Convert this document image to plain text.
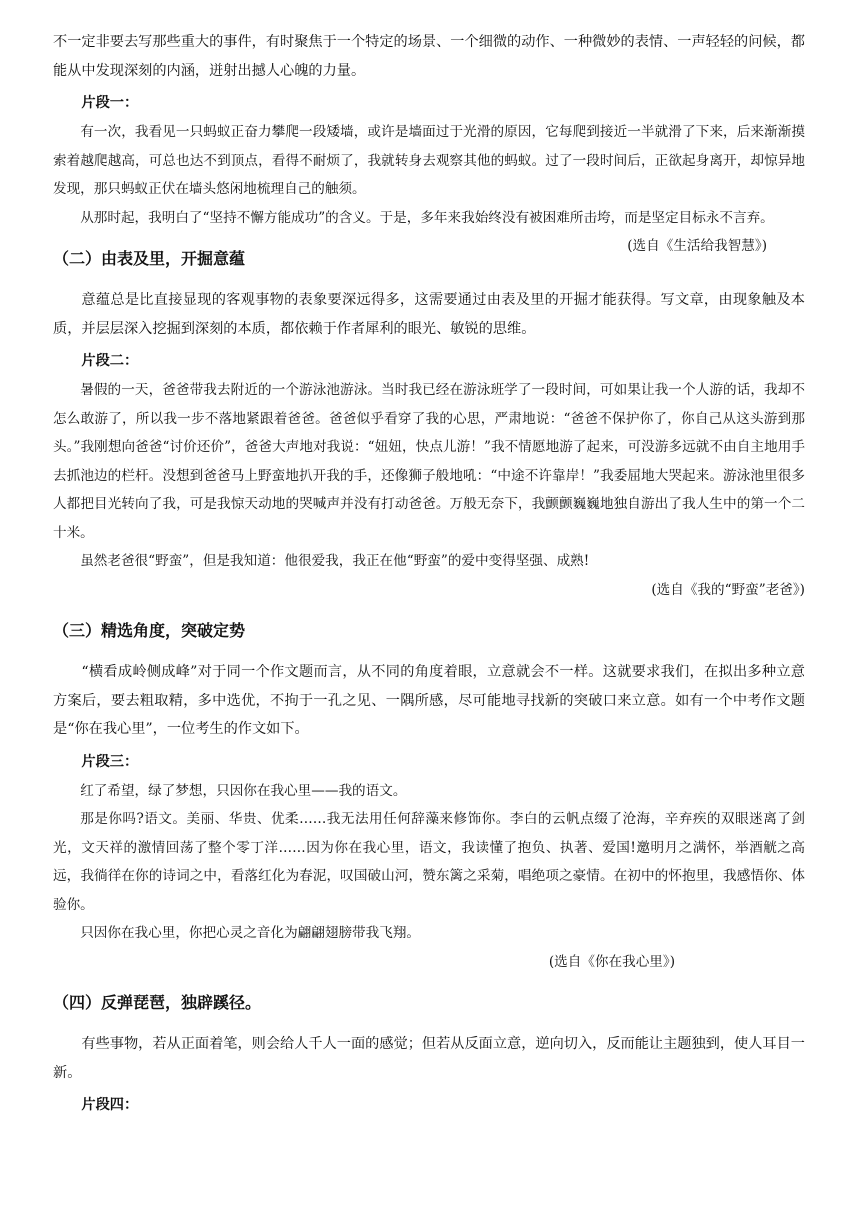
不一定非要去写那些重大的事件，有时聚焦于一个特定的场景、一个细微的动作、一种微妙的表情、一声轻轻的问候，都能从中发现深刻的内涵，迸射出撼人心魄的力量。

片段一：

有一次，我看见一只蚂蚁正奋力攀爬一段矮墙，或许是墙面过于光滑的原因，它每爬到接近一半就滑了下来，后来渐渐摸索着越爬越高，可总也达不到顶点，看得不耐烦了，我就转身去观察其他的蚂蚁。过了一段时间后，正欲起身离开，却惊异地发现，那只蚂蚁正伏在墙头悠闲地梳理自己的触须。

从那时起，我明白了“坚持不懈方能成功”的含义。于是，多年来我始终没有被困难所击垮，而是坚定目标永不言弃。
(选自《生活给我智慧》)

（二）由表及里，开掘意蕴

意蕴总是比直接显现的客观事物的表象要深远得多，这需要通过由表及里的开掘才能获得。写文章，由现象触及本质，并层层深入挖掘到深刻的本质，都依赖于作者犀利的眼光、敏锐的思维。

片段二：

暑假的一天，爸爸带我去附近的一个游泳池游泳。当时我已经在游泳班学了一段时间，可如果让我一个人游的话，我却不怎么敢游了，所以我一步不落地紧跟着爸爸。爸爸似乎看穿了我的心思，严肃地说：“爸爸不保护你了，你自己从这头游到那头。”我刚想向爸爸“讨价还价”，爸爸大声地对我说：“妞妞，快点儿游！”我不情愿地游了起来，可没游多远就不由自主地用手去抓池边的栏杆。没想到爸爸马上野蛮地扒开我的手，还像狮子般地吼：“中途不许靠岸！”我委屈地大哭起来。游泳池里很多人都把目光转向了我，可是我惊天动地的哭喊声并没有打动爸爸。万般无奈下，我颤颤巍巍地独自游出了我人生中的第一个二十米。

虽然老爸很“野蛮”，但是我知道：他很爱我，我正在他“野蛮”的爱中变得坚强、成熟!

(选自《我的“野蛮”老爸》)

（三）精选角度，突破定势

“横看成岭侧成峰”对于同一个作文题而言，从不同的角度着眼，立意就会不一样。这就要求我们，在拟出多种立意方案后，要去粗取精，多中选优，不拘于一孔之见、一隅所感，尽可能地寻找新的突破口来立意。如有一个中考作文题是“你在我心里”，一位考生的作文如下。

片段三：

红了希望，绿了梦想，只因你在我心里——我的语文。

那是你吗?语文。美丽、华贵、优柔……我无法用任何辞藻来修饰你。李白的云帆点缀了沧海，辛弃疾的双眼迷离了剑光，文天祥的激情回荡了整个零丁洋……因为你在我心里，语文，我读懂了抱负、执著、爱国!邀明月之满怀，举酒觥之高远，我徜徉在你的诗词之中，看落红化为春泥，叹国破山河，赞东篱之采菊，唱绝项之豪情。在初中的怀抱里，我感悟你、体验你。

只因你在我心里，你把心灵之音化为翩翩翅膀带我飞翔。

(选自《你在我心里》)

（四）反弹琵琶，独辟蹊径。

有些事物，若从正面着笔，则会给人千人一面的感觉；但若从反面立意，逆向切入，反而能让主题独到，使人耳目一新。

片段四：
